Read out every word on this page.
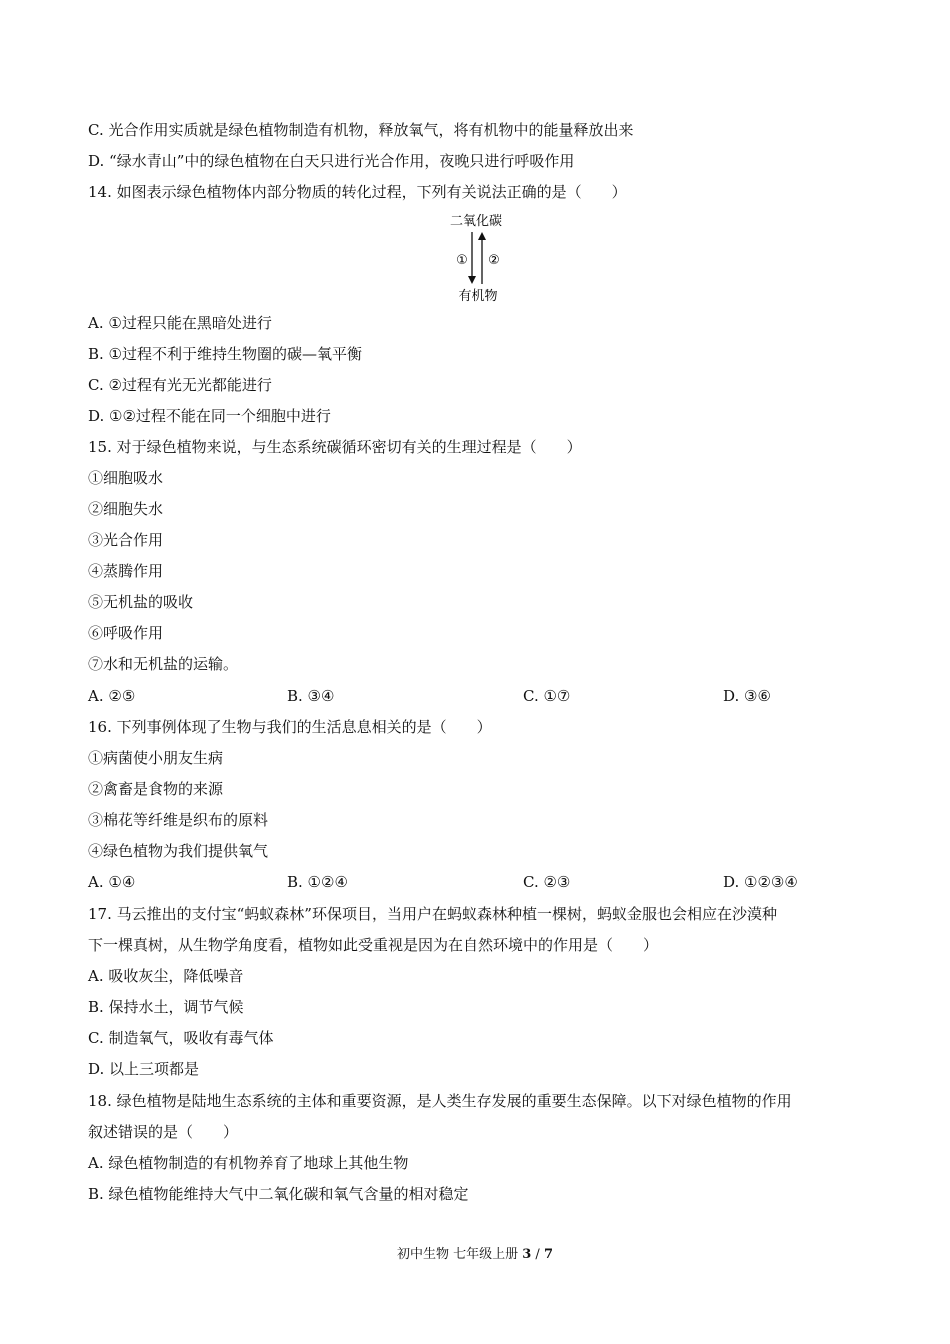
C. 光合作用实质就是绿色植物制造有机物，释放氧气，将有机物中的能量释放出来
D. “绿水青山”中的绿色植物在白天只进行光合作用，夜晚只进行呼吸作用
14. 如图表示绿色植物体内部分物质的转化过程，下列有关说法正确的是（　　）
二氧化碳
① ②
有机物
A. ①过程只能在黑暗处进行
B. ①过程不利于维持生物圈的碳—氧平衡
C. ②过程有光无光都能进行
D. ①②过程不能在同一个细胞中进行
15. 对于绿色植物来说，与生态系统碳循环密切有关的生理过程是（　　）
①细胞吸水
②细胞失水
③光合作用
④蒸腾作用
⑤无机盐的吸收
⑥呼吸作用
⑦水和无机盐的运输。
A. ②⑤	B. ③④	C. ①⑦	D. ③⑥
16. 下列事例体现了生物与我们的生活息息相关的是（　　）
①病菌使小朋友生病
②禽畜是食物的来源
③棉花等纤维是织布的原料
④绿色植物为我们提供氧气
A. ①④	B. ①②④	C. ②③	D. ①②③④
17. 马云推出的支付宝“蚂蚁森林”环保项目，当用户在蚂蚁森林种植一棵树，蚂蚁金服也会相应在沙漠种
下一棵真树，从生物学角度看，植物如此受重视是因为在自然环境中的作用是（　　）
A. 吸收灰尘，降低噪音
B. 保持水土，调节气候
C. 制造氧气，吸收有毒气体
D. 以上三项都是
18. 绿色植物是陆地生态系统的主体和重要资源，是人类生存发展的重要生态保障。以下对绿色植物的作用
叙述错误的是（　　）
A. 绿色植物制造的有机物养育了地球上其他生物
B. 绿色植物能维持大气中二氧化碳和氧气含量的相对稳定
初中生物 七年级上册 3 / 7
